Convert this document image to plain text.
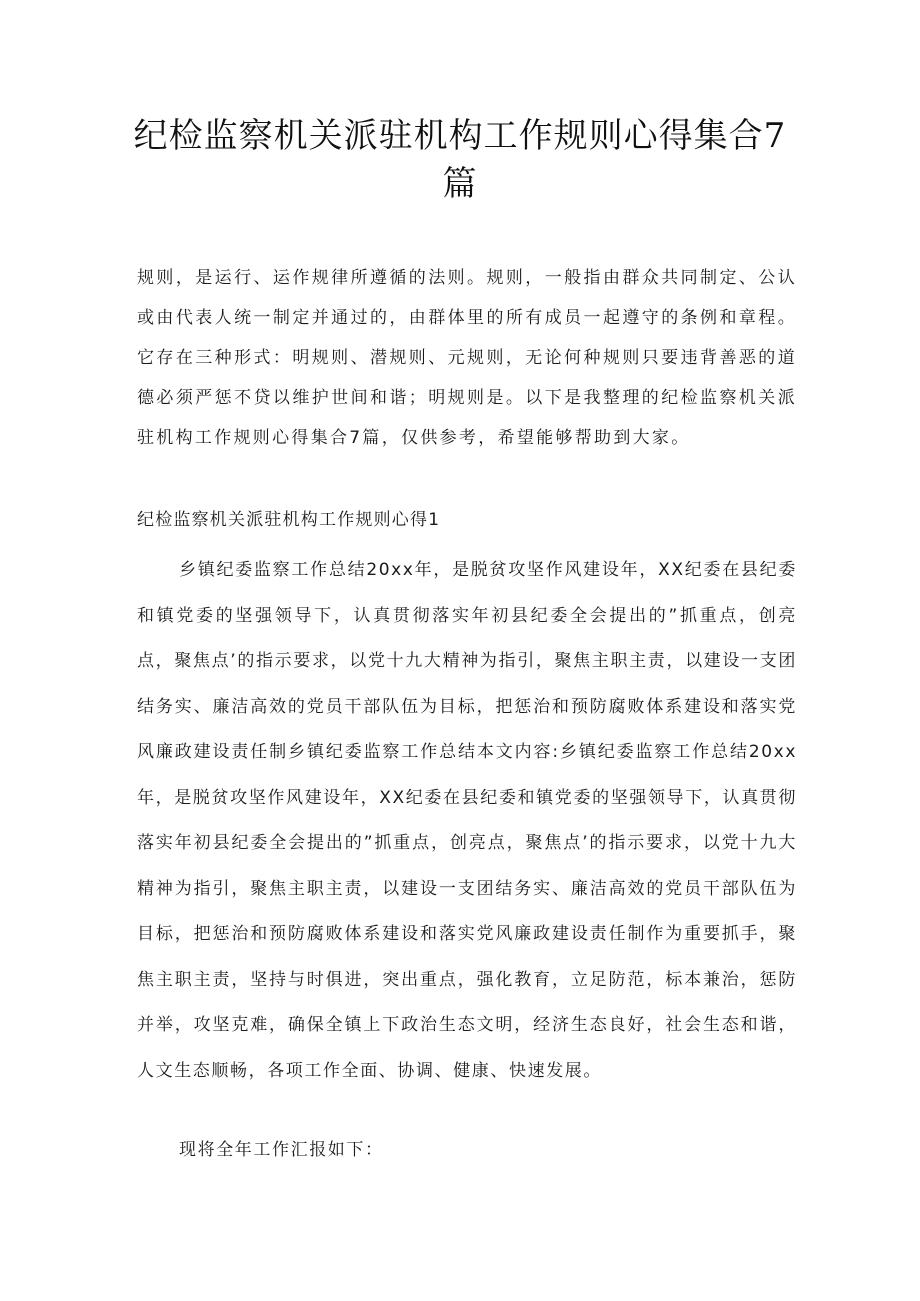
纪检监察机关派驻机构工作规则心得集合7篇

规则，是运行、运作规律所遵循的法则。规则，一般指由群众共同制定、公认或由代表人统一制定并通过的，由群体里的所有成员一起遵守的条例和章程。它存在三种形式：明规则、潜规则、元规则，无论何种规则只要违背善恶的道德必须严惩不贷以维护世间和谐；明规则是。以下是我整理的纪检监察机关派驻机构工作规则心得集合7篇，仅供参考，希望能够帮助到大家。

纪检监察机关派驻机构工作规则心得1

乡镇纪委监察工作总结20xx年，是脱贫攻坚作风建设年，XX纪委在县纪委和镇党委的坚强领导下，认真贯彻落实年初县纪委全会提出的”抓重点，创亮点，聚焦点’的指示要求，以党十九大精神为指引，聚焦主职主责，以建设一支团结务实、廉洁高效的党员干部队伍为目标，把惩治和预防腐败体系建设和落实党风廉政建设责任制乡镇纪委监察工作总结本文内容:乡镇纪委监察工作总结20xx年，是脱贫攻坚作风建设年，XX纪委在县纪委和镇党委的坚强领导下，认真贯彻落实年初县纪委全会提出的”抓重点，创亮点，聚焦点’的指示要求，以党十九大精神为指引，聚焦主职主责，以建设一支团结务实、廉洁高效的党员干部队伍为目标，把惩治和预防腐败体系建设和落实党风廉政建设责任制作为重要抓手，聚焦主职主责，坚持与时俱进，突出重点，强化教育，立足防范，标本兼治，惩防并举，攻坚克难，确保全镇上下政治生态文明，经济生态良好，社会生态和谐，人文生态顺畅，各项工作全面、协调、健康、快速发展。

现将全年工作汇报如下：
